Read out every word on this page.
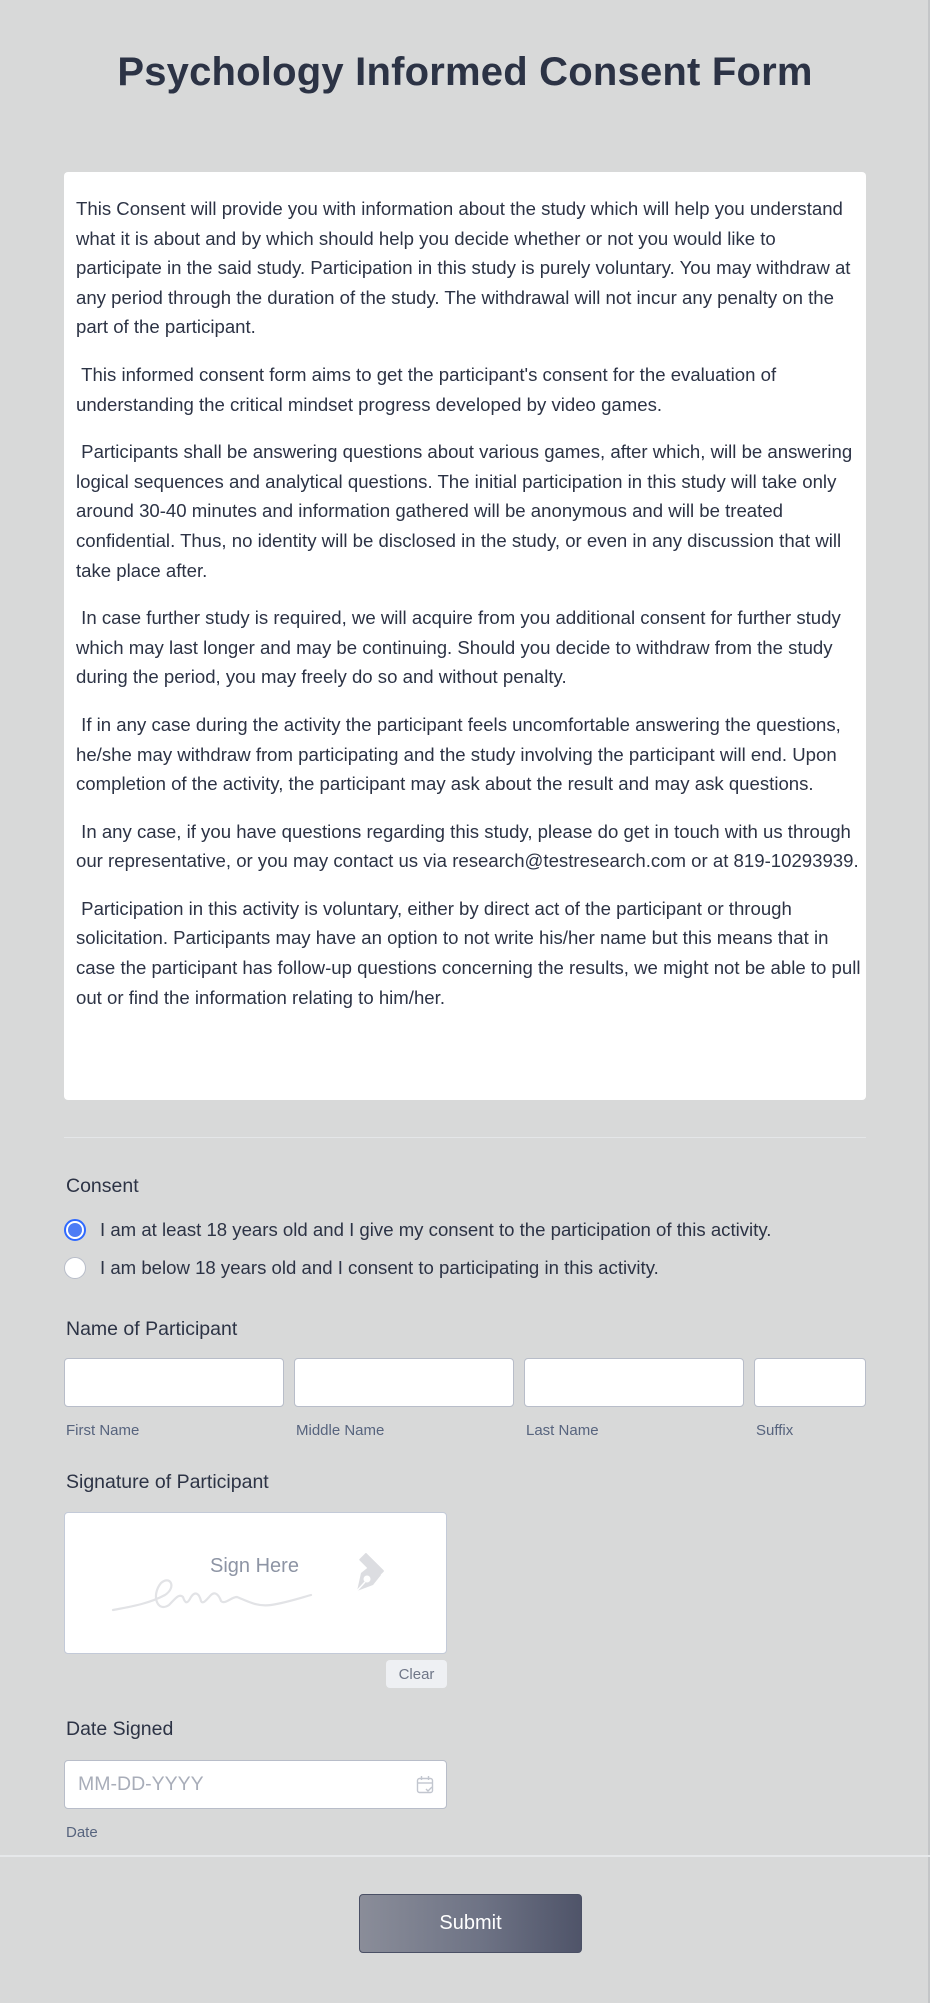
Psychology Informed Consent Form

This Consent will provide you with information about the study which will help you understand what it is about and by which should help you decide whether or not you would like to participate in the said study. Participation in this study is purely voluntary. You may withdraw at any period through the duration of the study. The withdrawal will not incur any penalty on the part of the participant.

This informed consent form aims to get the participant's consent for the evaluation of understanding the critical mindset progress developed by video games.

Participants shall be answering questions about various games, after which, will be answering logical sequences and analytical questions. The initial participation in this study will take only around 30-40 minutes and information gathered will be anonymous and will be treated confidential. Thus, no identity will be disclosed in the study, or even in any discussion that will take place after.

In case further study is required, we will acquire from you additional consent for further study which may last longer and may be continuing. Should you decide to withdraw from the study during the period, you may freely do so and without penalty.

If in any case during the activity the participant feels uncomfortable answering the questions, he/she may withdraw from participating and the study involving the participant will end. Upon completion of the activity, the participant may ask about the result and may ask questions.

In any case, if you have questions regarding this study, please do get in touch with us through our representative, or you may contact us via research@testresearch.com or at 819-10293939.

Participation in this activity is voluntary, either by direct act of the participant or through solicitation. Participants may have an option to not write his/her name but this means that in case the participant has follow-up questions concerning the results, we might not be able to pull out or find the information relating to him/her.

Consent
I am at least 18 years old and I give my consent to the participation of this activity.
I am below 18 years old and I consent to participating in this activity.
Name of Participant
First Name	Middle Name	Last Name	Suffix
Signature of Participant
Sign Here
Clear
Date Signed
MM-DD-YYYY
Date
Submit
